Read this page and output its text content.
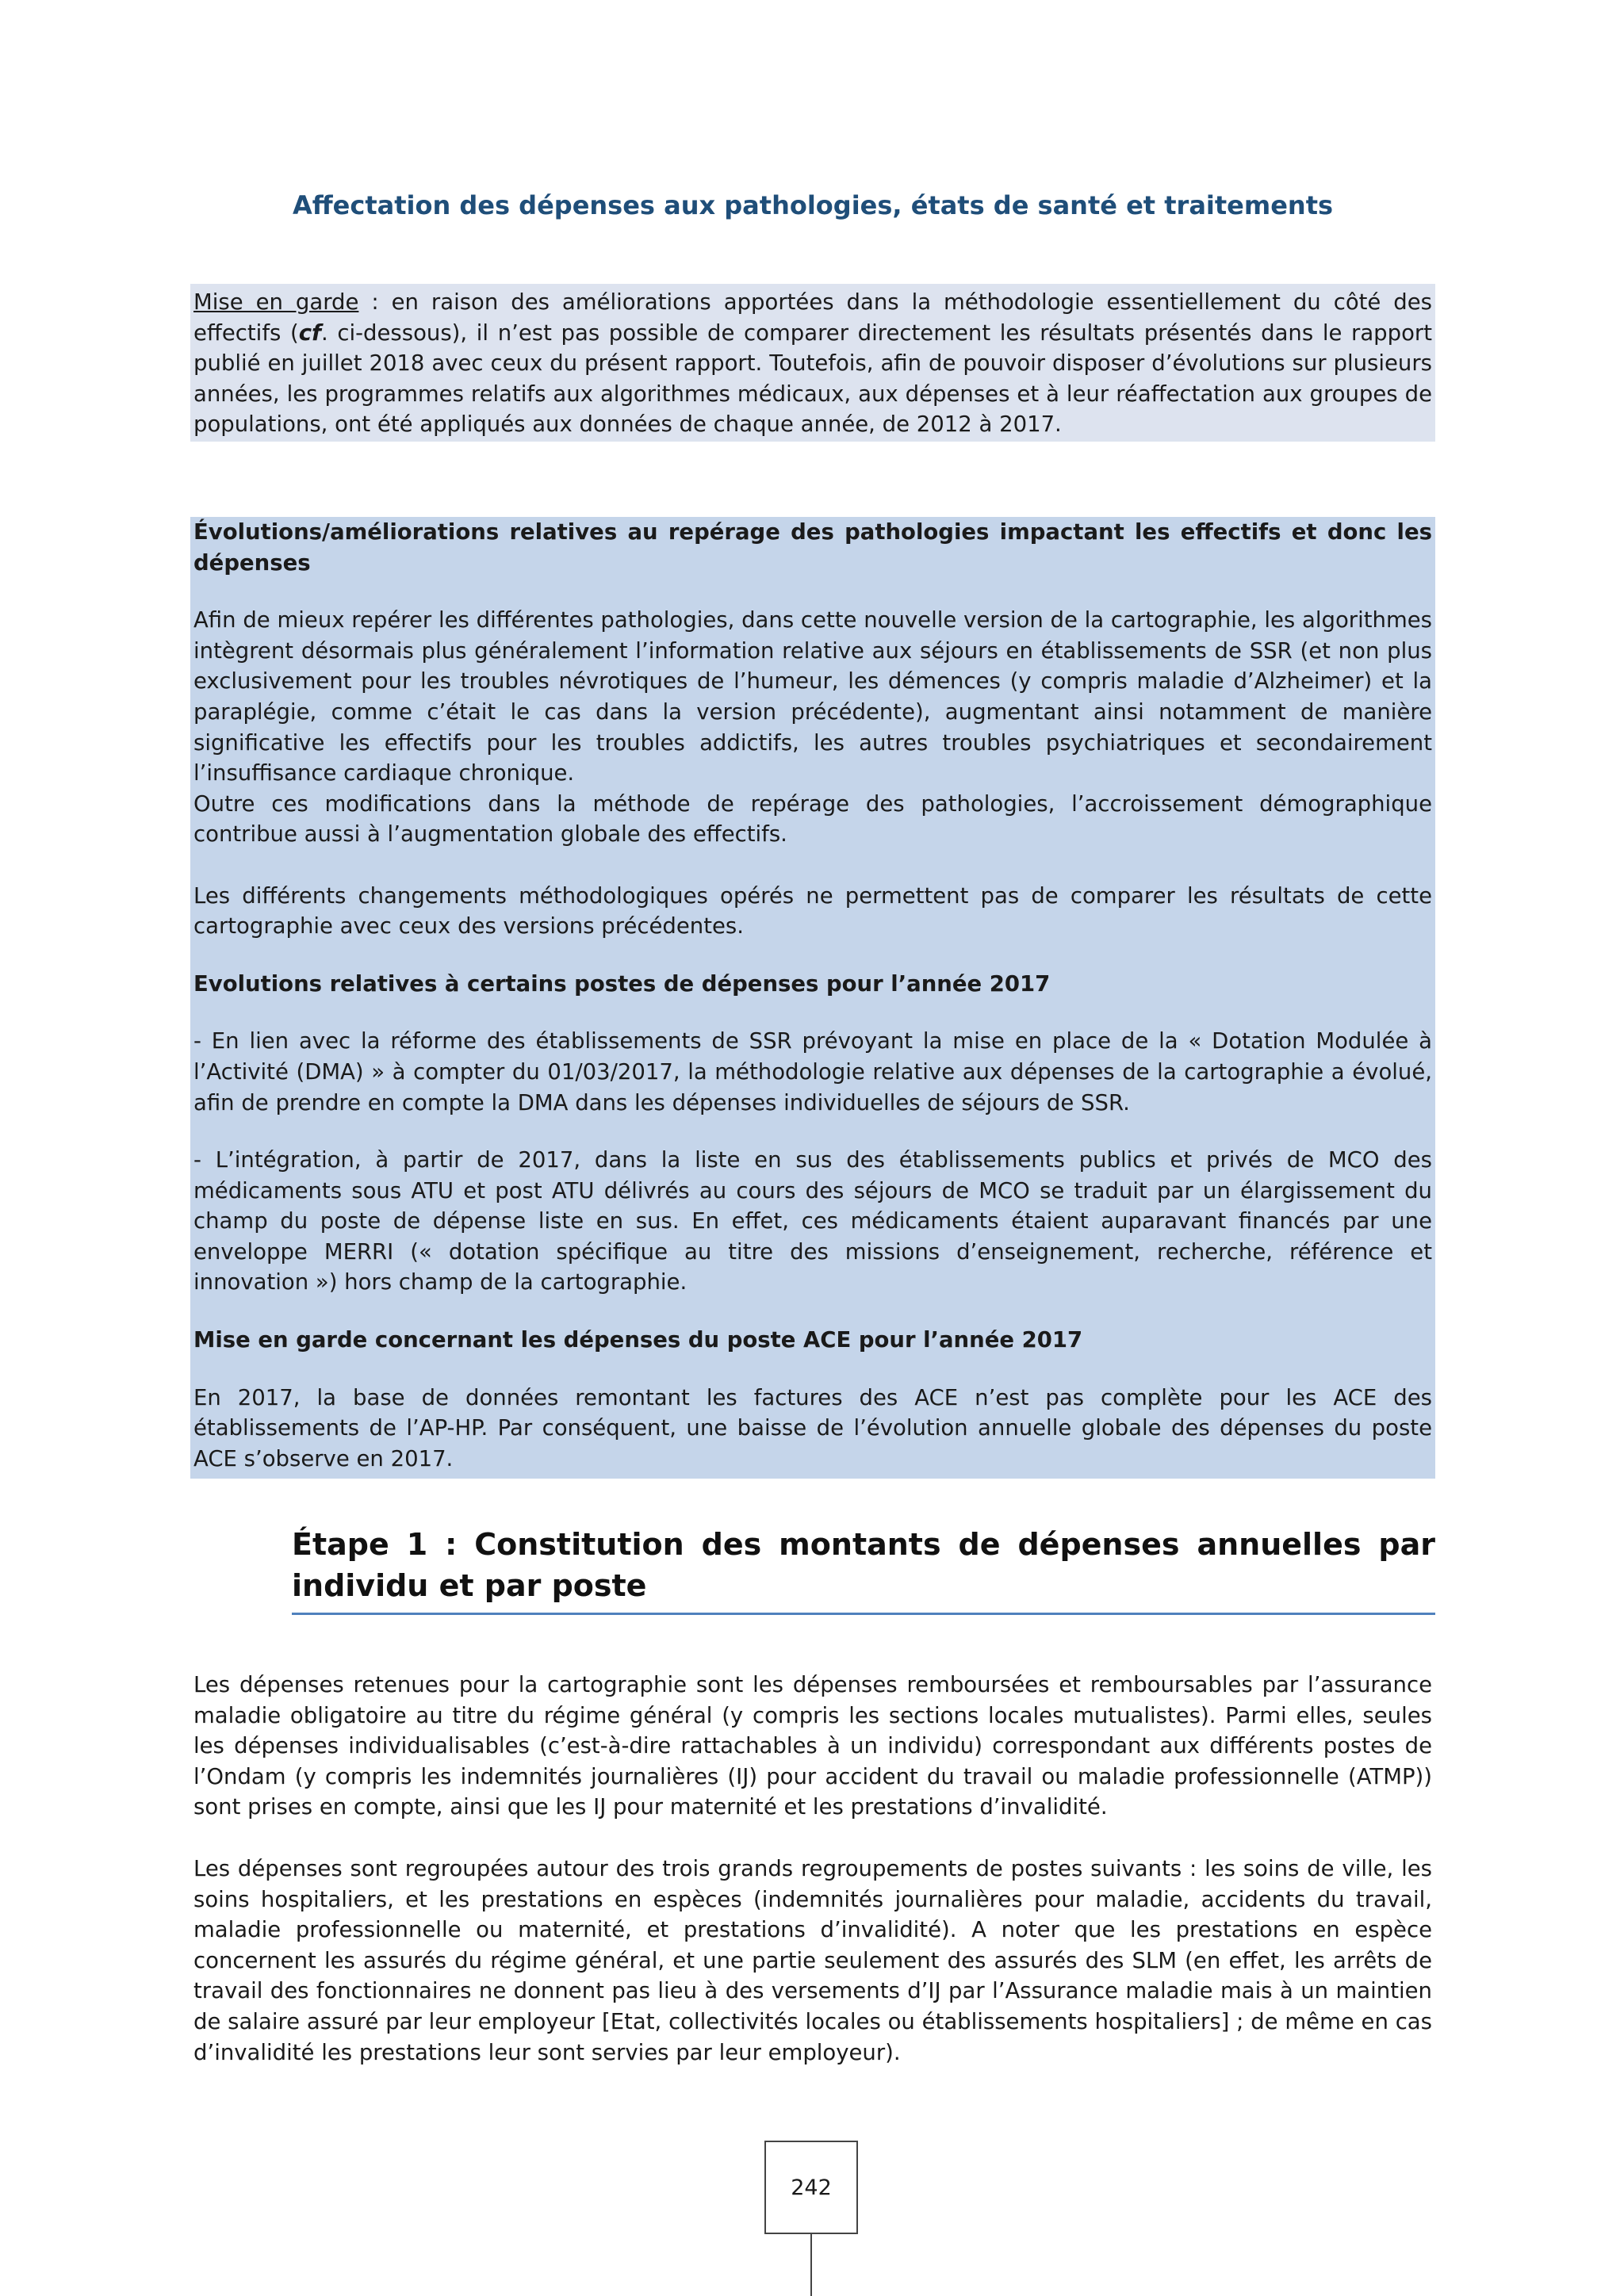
Affectation des dépenses aux pathologies, états de santé et traitements
Mise en garde : en raison des améliorations apportées dans la méthodologie essentiellement du côté des effectifs (cf. ci-dessous), il n’est pas possible de comparer directement les résultats présentés dans le rapport publié en juillet 2018 avec ceux du présent rapport. Toutefois, afin de pouvoir disposer d’évolutions sur plusieurs années, les programmes relatifs aux algorithmes médicaux, aux dépenses et à leur réaffectation aux groupes de populations, ont été appliqués aux données de chaque année, de 2012 à 2017.
Évolutions/améliorations relatives au repérage des pathologies impactant les effectifs et donc les dépenses

Afin de mieux repérer les différentes pathologies, dans cette nouvelle version de la cartographie, les algorithmes intègrent désormais plus généralement l’information relative aux séjours en établissements de SSR (et non plus exclusivement pour les troubles névrotiques de l’humeur, les démences (y compris maladie d’Alzheimer) et la paraplégie, comme c’était le cas dans la version précédente), augmentant ainsi notamment de manière significative les effectifs pour les troubles addictifs, les autres troubles psychiatriques et secondairement l’insuffisance cardiaque chronique.

Outre ces modifications dans la méthode de repérage des pathologies, l’accroissement démographique contribue aussi à l’augmentation globale des effectifs.

Les différents changements méthodologiques opérés ne permettent pas de comparer les résultats de cette cartographie avec ceux des versions précédentes.

Evolutions relatives à certains postes de dépenses pour l’année 2017

- En lien avec la réforme des établissements de SSR prévoyant la mise en place de la « Dotation Modulée à l’Activité (DMA) » à compter du 01/03/2017, la méthodologie relative aux dépenses de la cartographie a évolué, afin de prendre en compte la DMA dans les dépenses individuelles de séjours de SSR.

- L’intégration, à partir de 2017, dans la liste en sus des établissements publics et privés de MCO des médicaments sous ATU et post ATU délivrés au cours des séjours de MCO se traduit par un élargissement du champ du poste de dépense liste en sus. En effet, ces médicaments étaient auparavant financés par une enveloppe MERRI (« dotation spécifique au titre des missions d’enseignement, recherche, référence et innovation ») hors champ de la cartographie.

Mise en garde concernant les dépenses du poste ACE pour l’année 2017

En 2017, la base de données remontant les factures des ACE n’est pas complète pour les ACE des établissements de l’AP-HP. Par conséquent, une baisse de l’évolution annuelle globale des dépenses du poste ACE s’observe en 2017.

Étape 1 : Constitution des montants de dépenses annuelles par individu et par poste

Les dépenses retenues pour la cartographie sont les dépenses remboursées et remboursables par l’assurance maladie obligatoire au titre du régime général (y compris les sections locales mutualistes). Parmi elles, seules les dépenses individualisables (c’est-à-dire rattachables à un individu) correspondant aux différents postes de l’Ondam (y compris les indemnités journalières (IJ) pour accident du travail ou maladie professionnelle (ATMP)) sont prises en compte, ainsi que les IJ pour maternité et les prestations d’invalidité.

Les dépenses sont regroupées autour des trois grands regroupements de postes suivants : les soins de ville, les soins hospitaliers, et les prestations en espèces (indemnités journalières pour maladie, accidents du travail, maladie professionnelle ou maternité, et prestations d’invalidité). A noter que les prestations en espèce concernent les assurés du régime général, et une partie seulement des assurés des SLM (en effet, les arrêts de travail des fonctionnaires ne donnent pas lieu à des versements d’IJ par l’Assurance maladie mais à un maintien de salaire assuré par leur employeur [Etat, collectivités locales ou établissements hospitaliers] ; de même en cas d’invalidité les prestations leur sont servies par leur employeur).

242
